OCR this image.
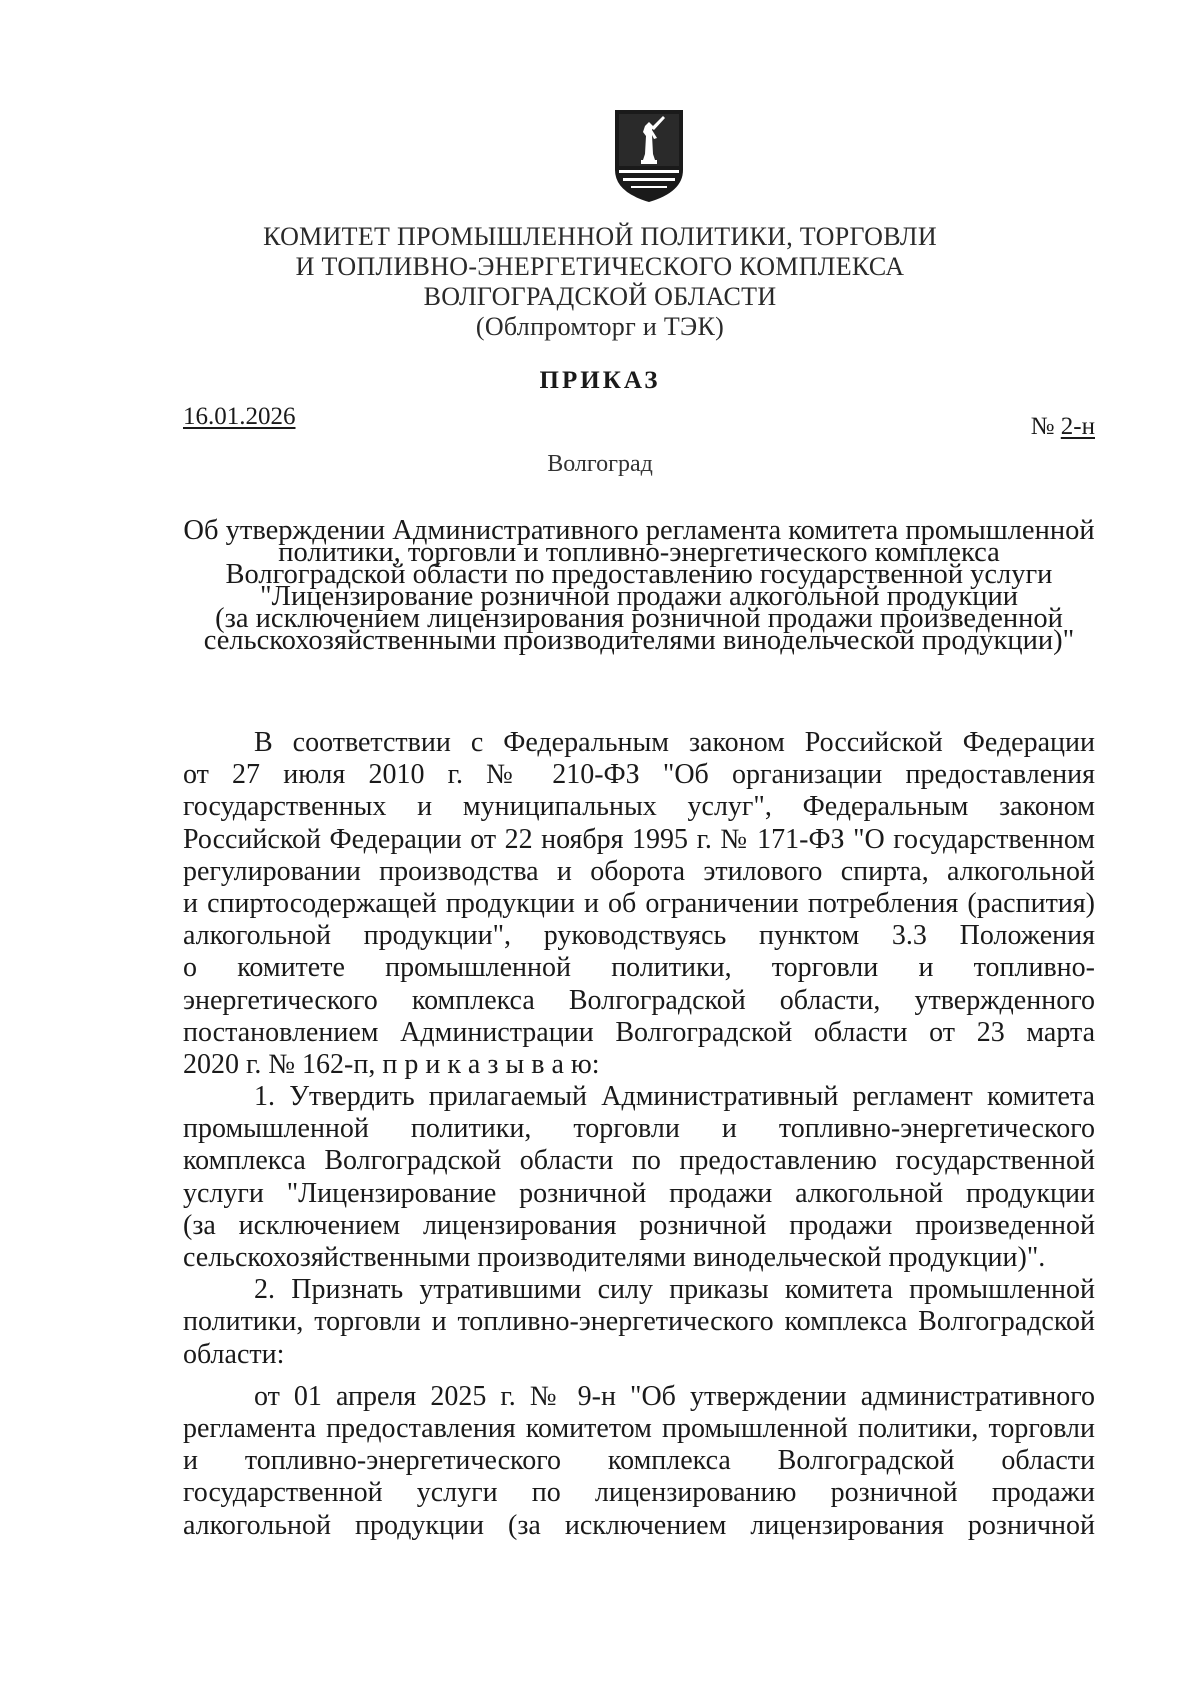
КОМИТЕТ ПРОМЫШЛЕННОЙ ПОЛИТИКИ, ТОРГОВЛИ
И ТОПЛИВНО-ЭНЕРГЕТИЧЕСКОГО КОМПЛЕКСА
ВОЛГОГРАДСКОЙ ОБЛАСТИ
(Облпромторг и ТЭК)
ПРИКАЗ
16.01.2026	№ 2-н
Волгоград
Об утверждении Административного регламента комитета промышленной
политики, торговли и топливно-энергетического комплекса
Волгоградской области по предоставлению государственной услуги
"Лицензирование розничной продажи алкогольной продукции
(за исключением лицензирования розничной продажи произведенной
сельскохозяйственными производителями винодельческой продукции)"
В соответствии с Федеральным законом Российской Федерации
от 27 июля 2010 г. № 210-ФЗ "Об организации предоставления
государственных и муниципальных услуг", Федеральным законом
Российской Федерации от 22 ноября 1995 г. № 171-ФЗ "О государственном
регулировании производства и оборота этилового спирта, алкогольной
и спиртосодержащей продукции и об ограничении потребления (распития)
алкогольной продукции", руководствуясь пунктом 3.3 Положения
о комитете промышленной политики, торговли и топливно-
энергетического комплекса Волгоградской области, утвержденного
постановлением Администрации Волгоградской области от 23 марта
2020 г. № 162-п, п р и к а з ы в а ю:
1. Утвердить прилагаемый Административный регламент комитета
промышленной политики, торговли и топливно-энергетического
комплекса Волгоградской области по предоставлению государственной
услуги "Лицензирование розничной продажи алкогольной продукции
(за исключением лицензирования розничной продажи произведенной
сельскохозяйственными производителями винодельческой продукции)".
2. Признать утратившими силу приказы комитета промышленной
политики, торговли и топливно-энергетического комплекса Волгоградской
области:
от 01 апреля 2025 г. № 9-н "Об утверждении административного
регламента предоставления комитетом промышленной политики, торговли
и топливно-энергетического комплекса Волгоградской области
государственной услуги по лицензированию розничной продажи
алкогольной продукции (за исключением лицензирования розничной
